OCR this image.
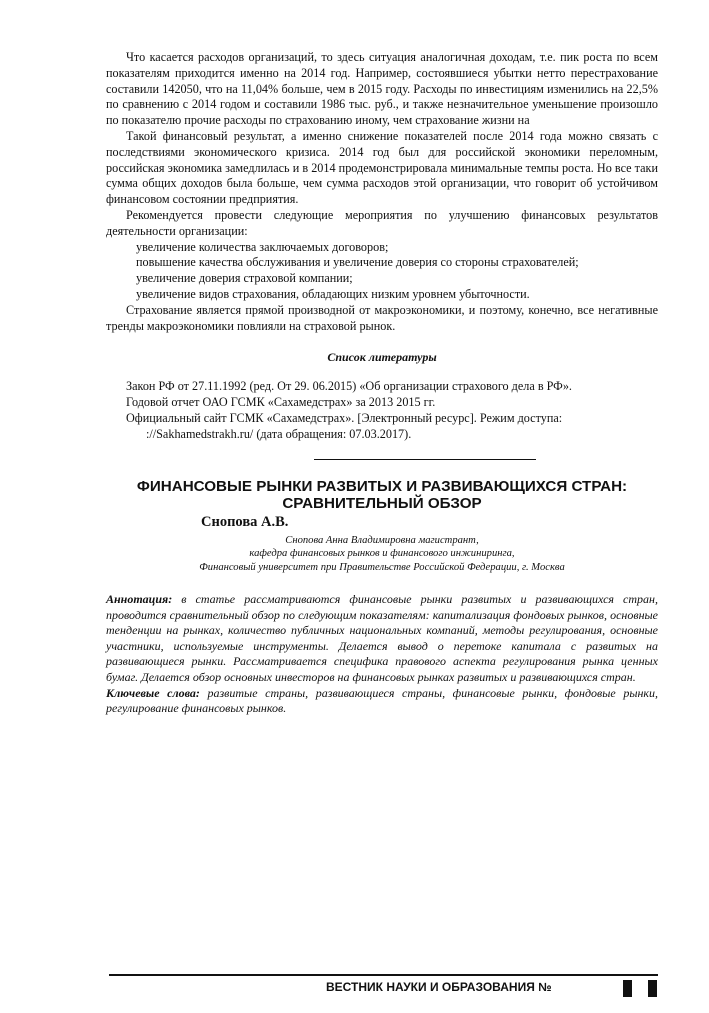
Что касается расходов организаций, то здесь ситуация аналогичная доходам, т.е. пик роста по всем показателям приходится именно на 2014 год. Например, состоявшиеся убытки нетто перестрахование составили 142050, что на 11,04% больше, чем в 2015 году. Расходы по инвестициям изменились на 22,5% по сравнению с 2014 годом и составили 1986 тыс. руб., и также незначительное уменьшение произошло по показателю прочие расходы по страхованию иному, чем страхование жизни на

Такой финансовый результат, а именно снижение показателей после 2014 года можно связать с последствиями экономического кризиса. 2014 год был для российской экономики переломным, российская экономика замедлилась и в 2014 продемонстрировала минимальные темпы роста. Но все таки сумма общих доходов была больше, чем сумма расходов этой организации, что говорит об устойчивом финансовом состоянии предприятия.

Рекомендуется провести следующие мероприятия по улучшению финансовых результатов деятельности организации:

увеличение количества заключаемых договоров;

повышение качества обслуживания и увеличение доверия со стороны страхователей;

увеличение доверия страховой компании;

увеличение видов страхования, обладающих низким уровнем убыточности.

Страхование является прямой производной от макроэкономики, и поэтому, конечно, все негативные тренды макроэкономики повлияли на страховой рынок.

Список литературы

Закон РФ от 27.11.1992 (ред. От 29. 06.2015) «Об организации страхового дела в РФ».

Годовой отчет ОАО ГСМК «Сахамедстрах» за 2013 2015 гг.

Официальный сайт ГСМК «Сахамедстрах». [Электронный ресурс]. Режим доступа:

://Sakhamedstrakh.ru/ (дата обращения: 07.03.2017).

ФИНАНСОВЫЕ РЫНКИ РАЗВИТЫХ И РАЗВИВАЮЩИХСЯ СТРАН:
СРАВНИТЕЛЬНЫЙ ОБЗОР
Снопова А.В.
Снопова Анна Владимировна магистрант,
кафедра финансовых рынков и финансового инжиниринга,
Финансовый университет при Правительстве Российской Федерации, г. Москва

Аннотация: в статье рассматриваются финансовые рынки развитых и развивающихся стран, проводится сравнительный обзор по следующим показателям: капитализация фондовых рынков, основные тенденции на рынках, количество публичных национальных компаний, методы регулирования, основные участники, используемые инструменты. Делается вывод о перетоке капитала с развитых на развивающиеся рынки. Рассматривается специфика правового аспекта регулирования рынка ценных бумаг. Делается обзор основных инвесторов на финансовых рынках развитых и развивающихся стран.

Ключевые слова: развитые страны, развивающиеся страны, финансовые рынки, фондовые рынки, регулирование финансовых рынков.

ВЕСТНИК НАУКИ И ОБРАЗОВАНИЯ №
